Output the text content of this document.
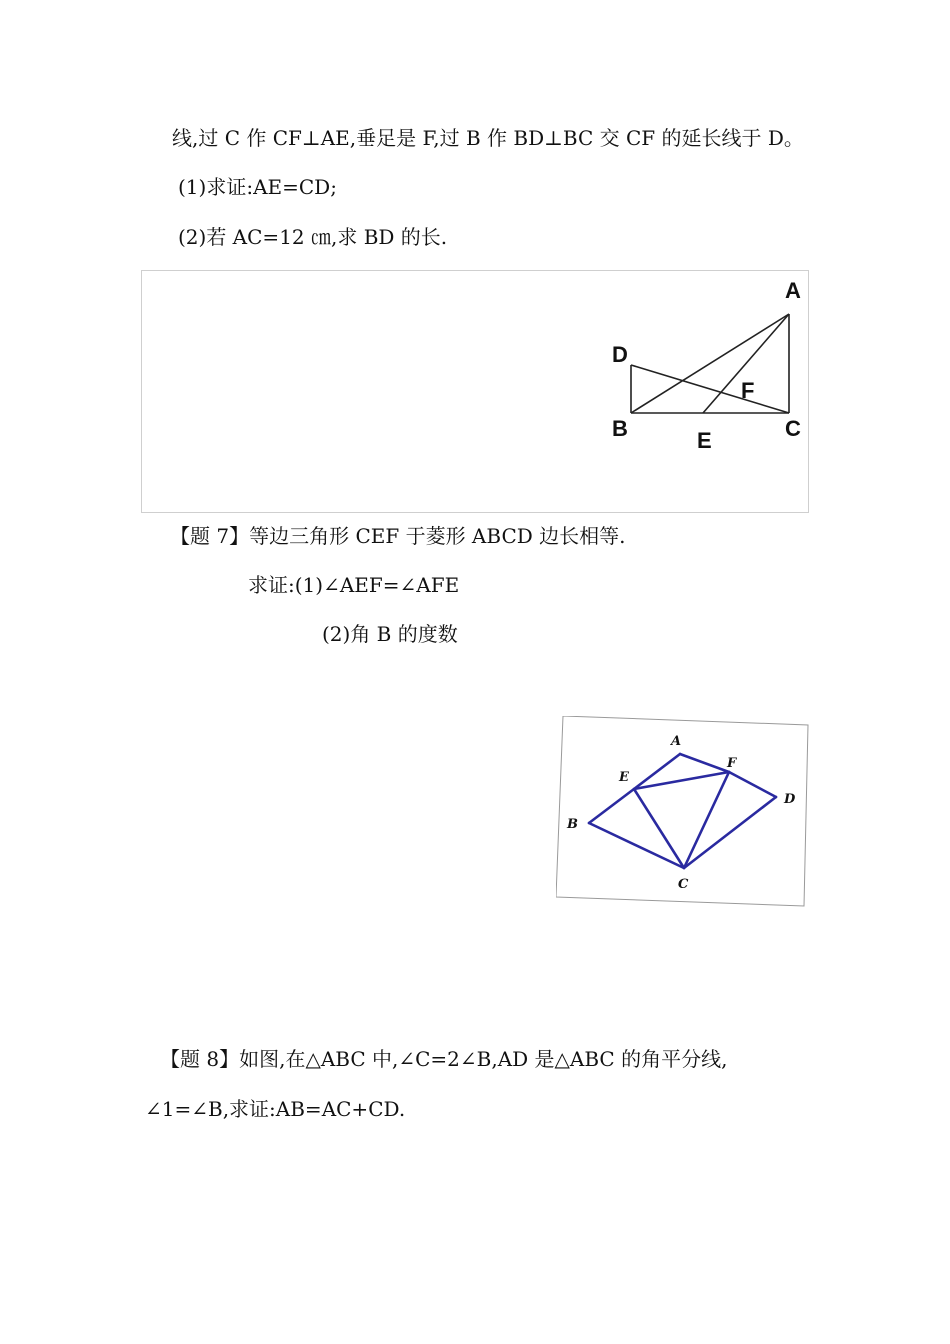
线,过 C 作 CF⊥AE,垂足是 F,过 B 作 BD⊥BC 交 CF 的延长线于 D。
(1)求证:AE=CD;
(2)若 AC=12 ㎝,求 BD 的长.
A
D
F
B	E	C
【题 7】等边三角形 CEF 于菱形 ABCD 边长相等.
求证:(1)∠AEF=∠AFE
(2)角 B 的度数
A
E
F
D
B
C
【题 8】如图,在△ABC 中,∠C=2∠B,AD 是△ABC 的角平分线,
∠1=∠B,求证:AB=AC+CD.
